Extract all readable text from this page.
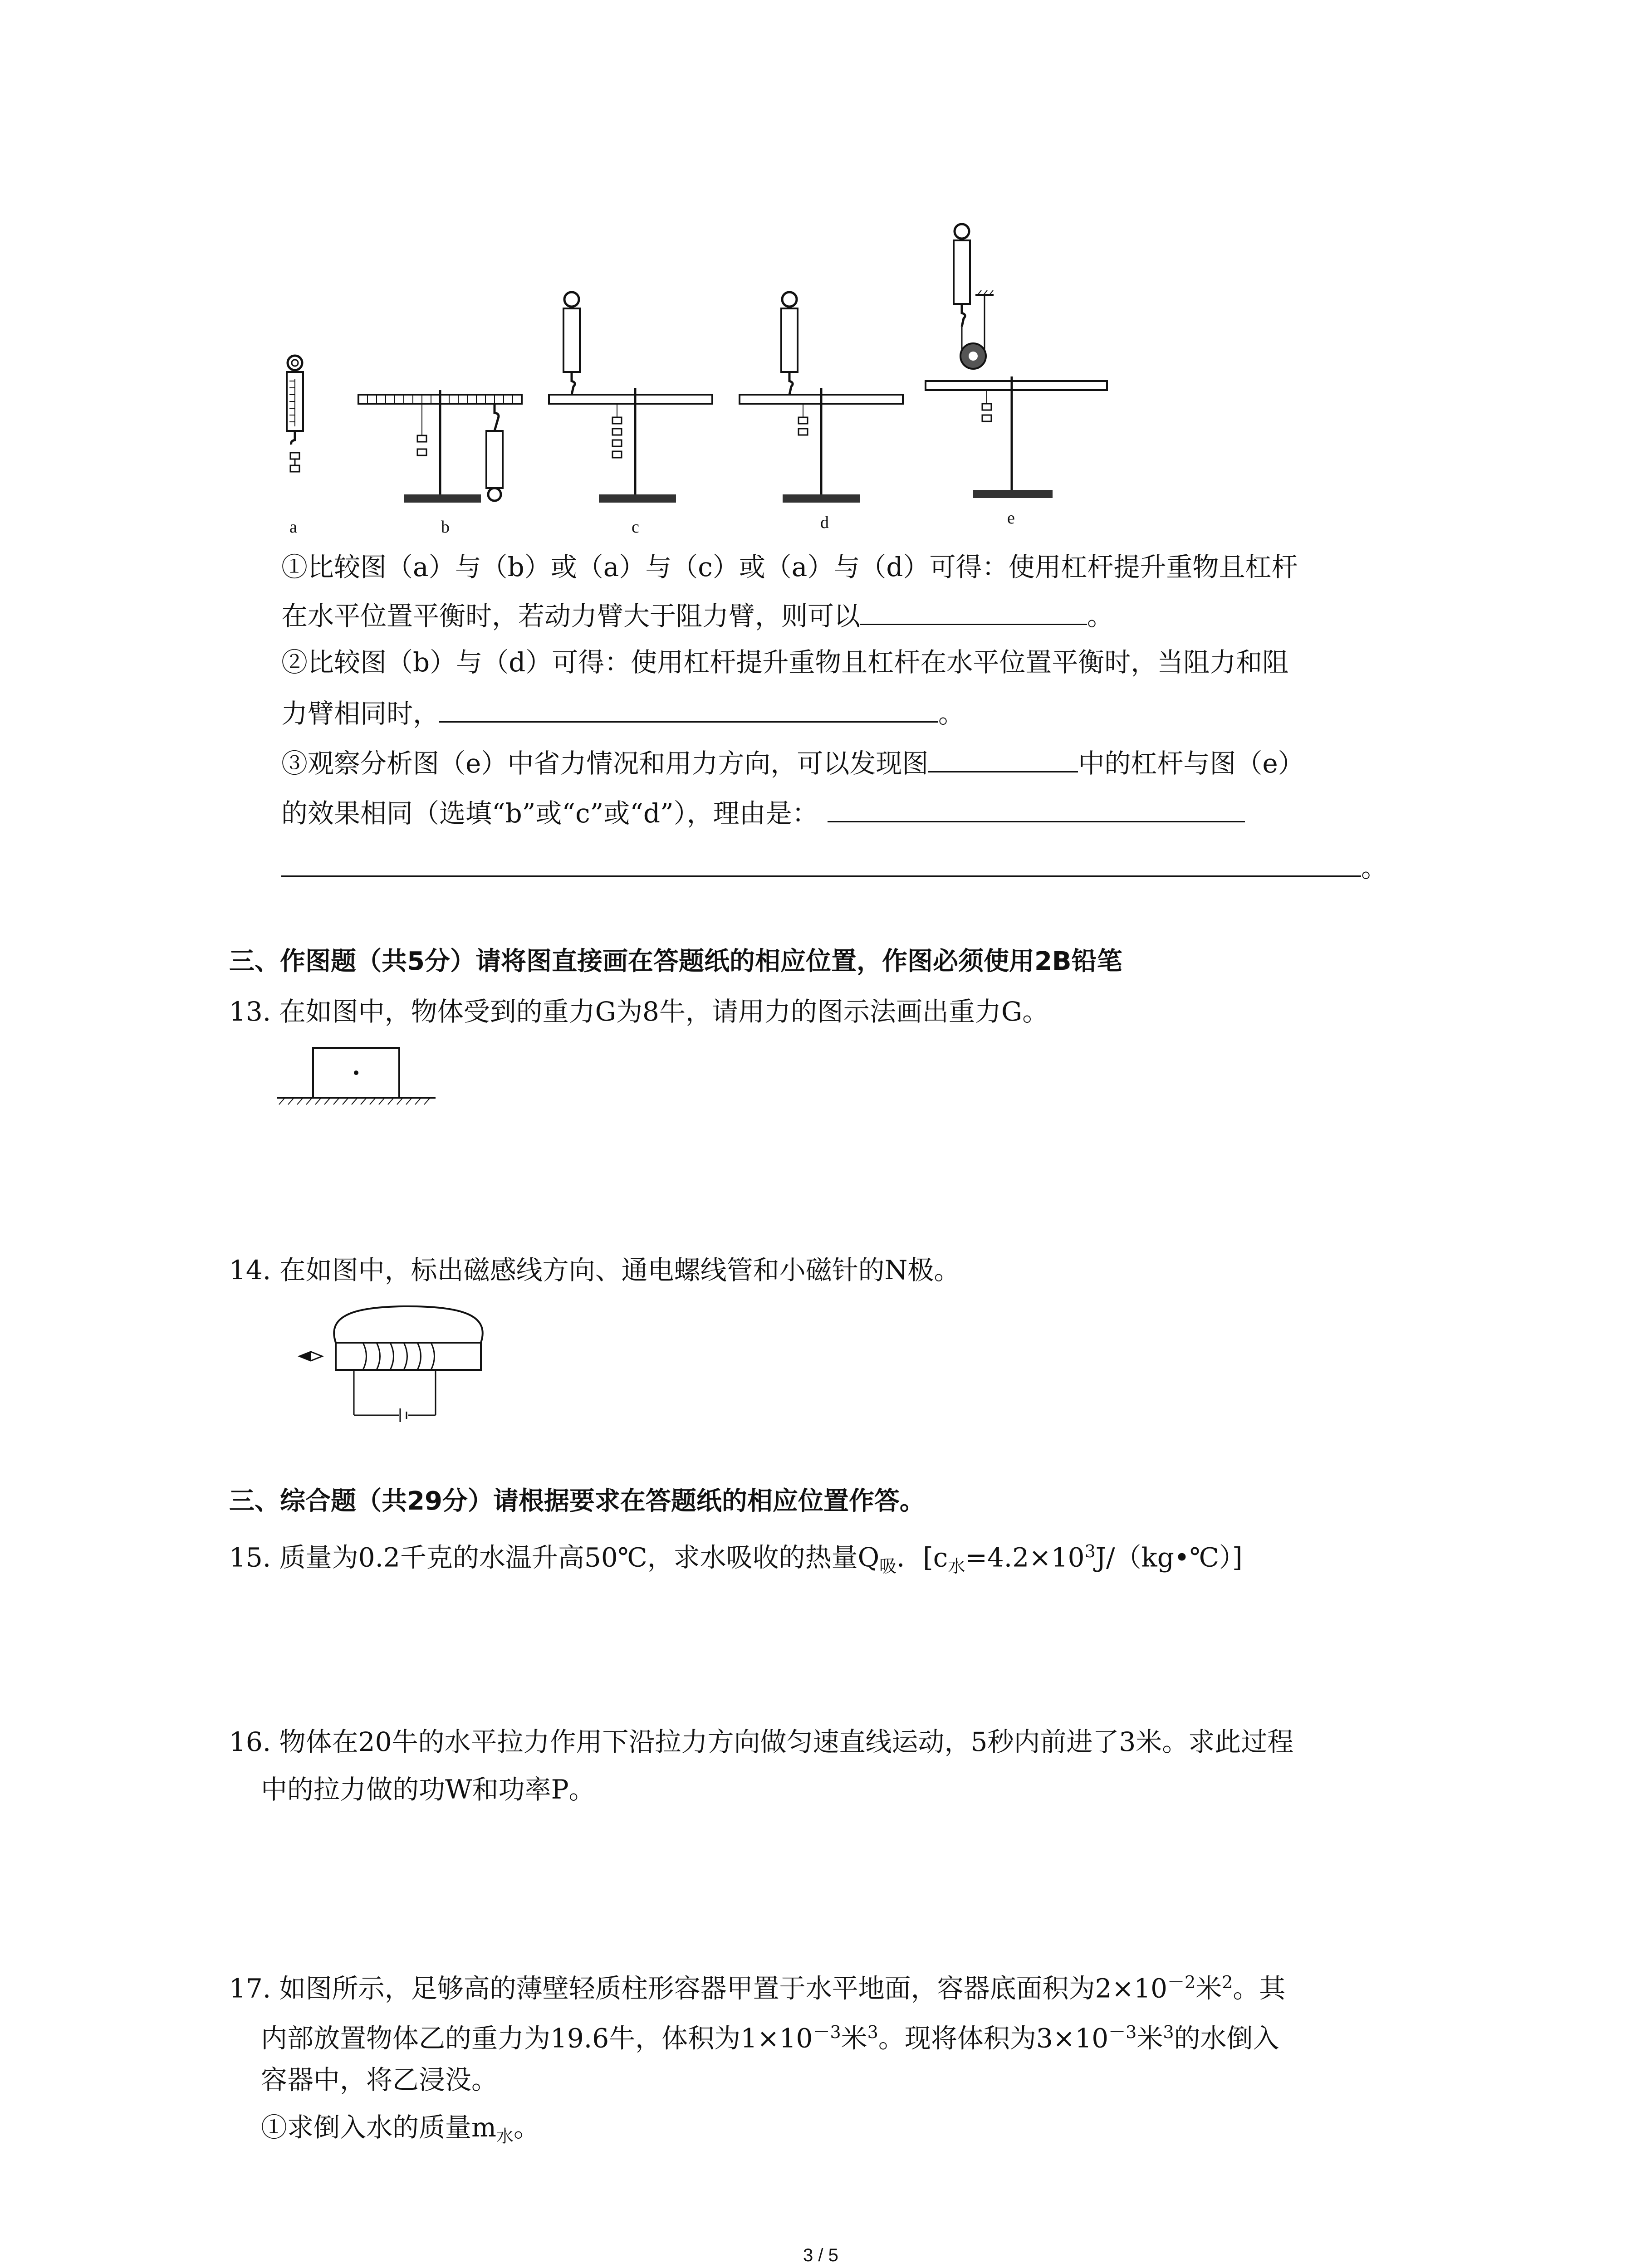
a	b	c	d	e
①比较图（a）与（b）或（a）与（c）或（a）与（d）可得：使用杠杆提升重物且杠杆
在水平位置平衡时，若动力臂大于阻力臂，则可以	。
②比较图（b）与（d）可得：使用杠杆提升重物且杠杆在水平位置平衡时，当阻力和阻
力臂相同时，	。
③观察分析图（e）中省力情况和用力方向，可以发现图	中的杠杆与图（e）
的效果相同（选填“b”或“c”或“d”），理由是：
。
三、作图题（共5分）请将图直接画在答题纸的相应位置，作图必须使用2B铅笔
13. 在如图中，物体受到的重力G为8牛，请用力的图示法画出重力G。
14. 在如图中，标出磁感线方向、通电螺线管和小磁针的N极。
三、综合题（共29分）请根据要求在答题纸的相应位置作答。
15. 质量为0.2千克的水温升高50℃，求水吸收的热量$Q_吸$．$[c_水=4.2\times 10^3J/(kg•℃)]$
16. 物体在20牛的水平拉力作用下沿拉力方向做匀速直线运动，5秒内前进了3米。求此过程
中的拉力做的功W和功率P。
17. 如图所示，足够高的薄壁轻质柱形容器甲置于水平地面，容器底面积为$2\times 10^{-2}$米$^2$。其
内部放置物体乙的重力为19.6牛，体积为$1\times 10^{-3}$米$^3$。现将体积为$3\times 10^{-3}$米$^3$的水倒入
容器中，将乙浸没。
①求倒入水的质量$m_水$。
3 / 5
